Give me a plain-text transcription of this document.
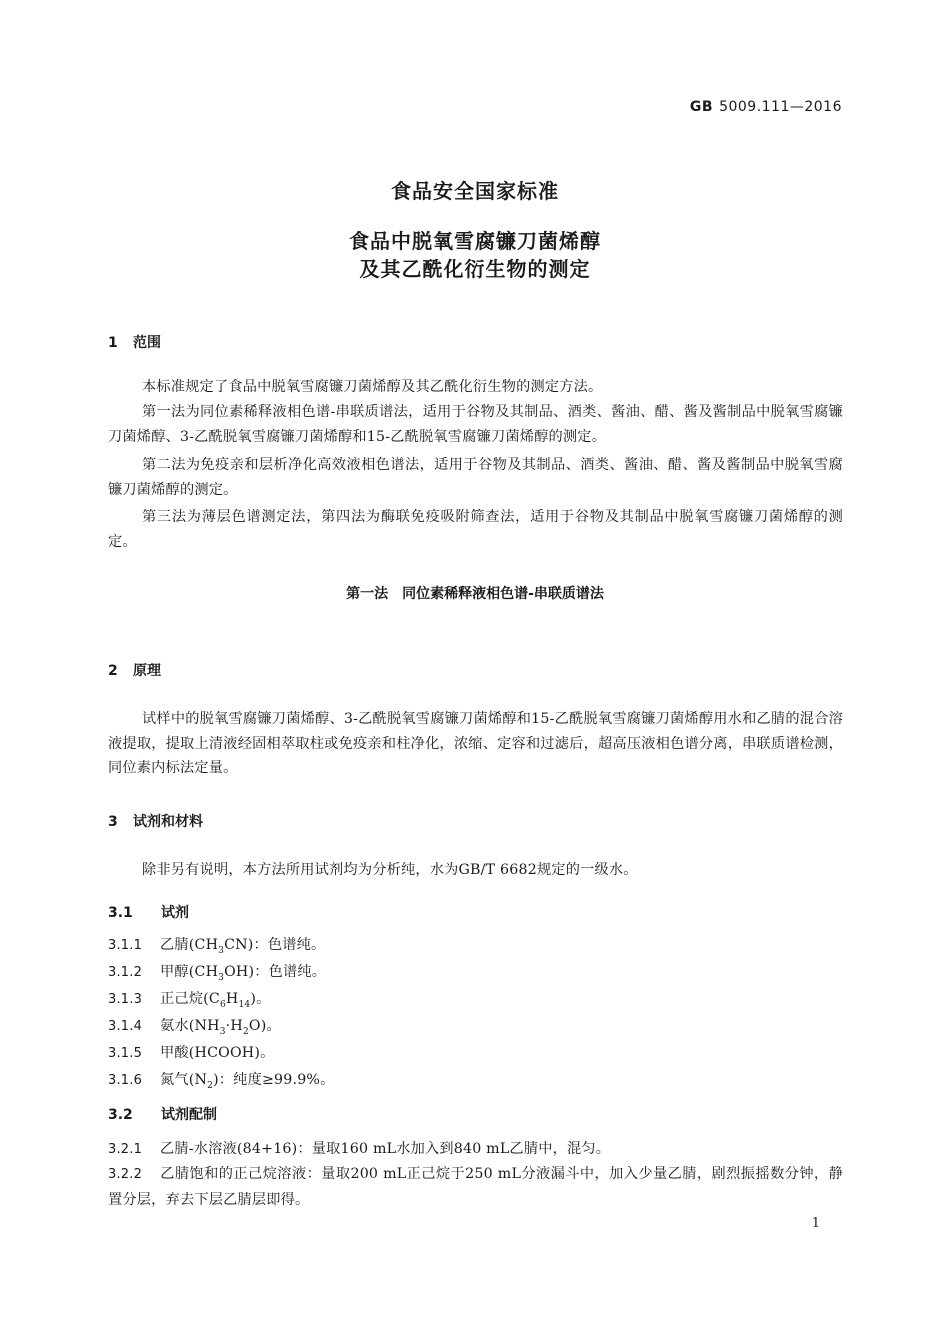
GB 5009.111—2016
食品安全国家标准
食品中脱氧雪腐镰刀菌烯醇
及其乙酰化衍生物的测定
1 范围
本标准规定了食品中脱氧雪腐镰刀菌烯醇及其乙酰化衍生物的测定方法。
第一法为同位素稀释液相色谱-串联质谱法，适用于谷物及其制品、酒类、酱油、醋、酱及酱制品中脱氧雪腐镰刀菌烯醇、3-乙酰脱氧雪腐镰刀菌烯醇和15-乙酰脱氧雪腐镰刀菌烯醇的测定。
第二法为免疫亲和层析净化高效液相色谱法，适用于谷物及其制品、酒类、酱油、醋、酱及酱制品中脱氧雪腐镰刀菌烯醇的测定。
第三法为薄层色谱测定法，第四法为酶联免疫吸附筛查法，适用于谷物及其制品中脱氧雪腐镰刀菌烯醇的测定。
第一法　同位素稀释液相色谱-串联质谱法
2 原理
试样中的脱氧雪腐镰刀菌烯醇、3-乙酰脱氧雪腐镰刀菌烯醇和15-乙酰脱氧雪腐镰刀菌烯醇用水和乙腈的混合溶液提取，提取上清液经固相萃取柱或免疫亲和柱净化，浓缩、定容和过滤后，超高压液相色谱分离，串联质谱检测，同位素内标法定量。
3 试剂和材料
除非另有说明，本方法所用试剂均为分析纯，水为GB/T 6682规定的一级水。
3.1 试剂
3.1.1 乙腈$(CH_3CN)$：色谱纯。
3.1.2 甲醇$(CH_3OH)$：色谱纯。
3.1.3 正己烷$(C_6H_{14})$。
3.1.4 氨水$(NH_3\cdot H_2O)$。
3.1.5 甲酸(HCOOH)。
3.1.6 氮气$(N_2)$：纯度≥99.9%。
3.2 试剂配制
3.2.1 乙腈-水溶液(84+16)：量取160 mL水加入到840 mL乙腈中，混匀。
3.2.2 乙腈饱和的正己烷溶液：量取200 mL正己烷于250 mL分液漏斗中，加入少量乙腈，剧烈振摇数分钟，静置分层，弃去下层乙腈层即得。
1
